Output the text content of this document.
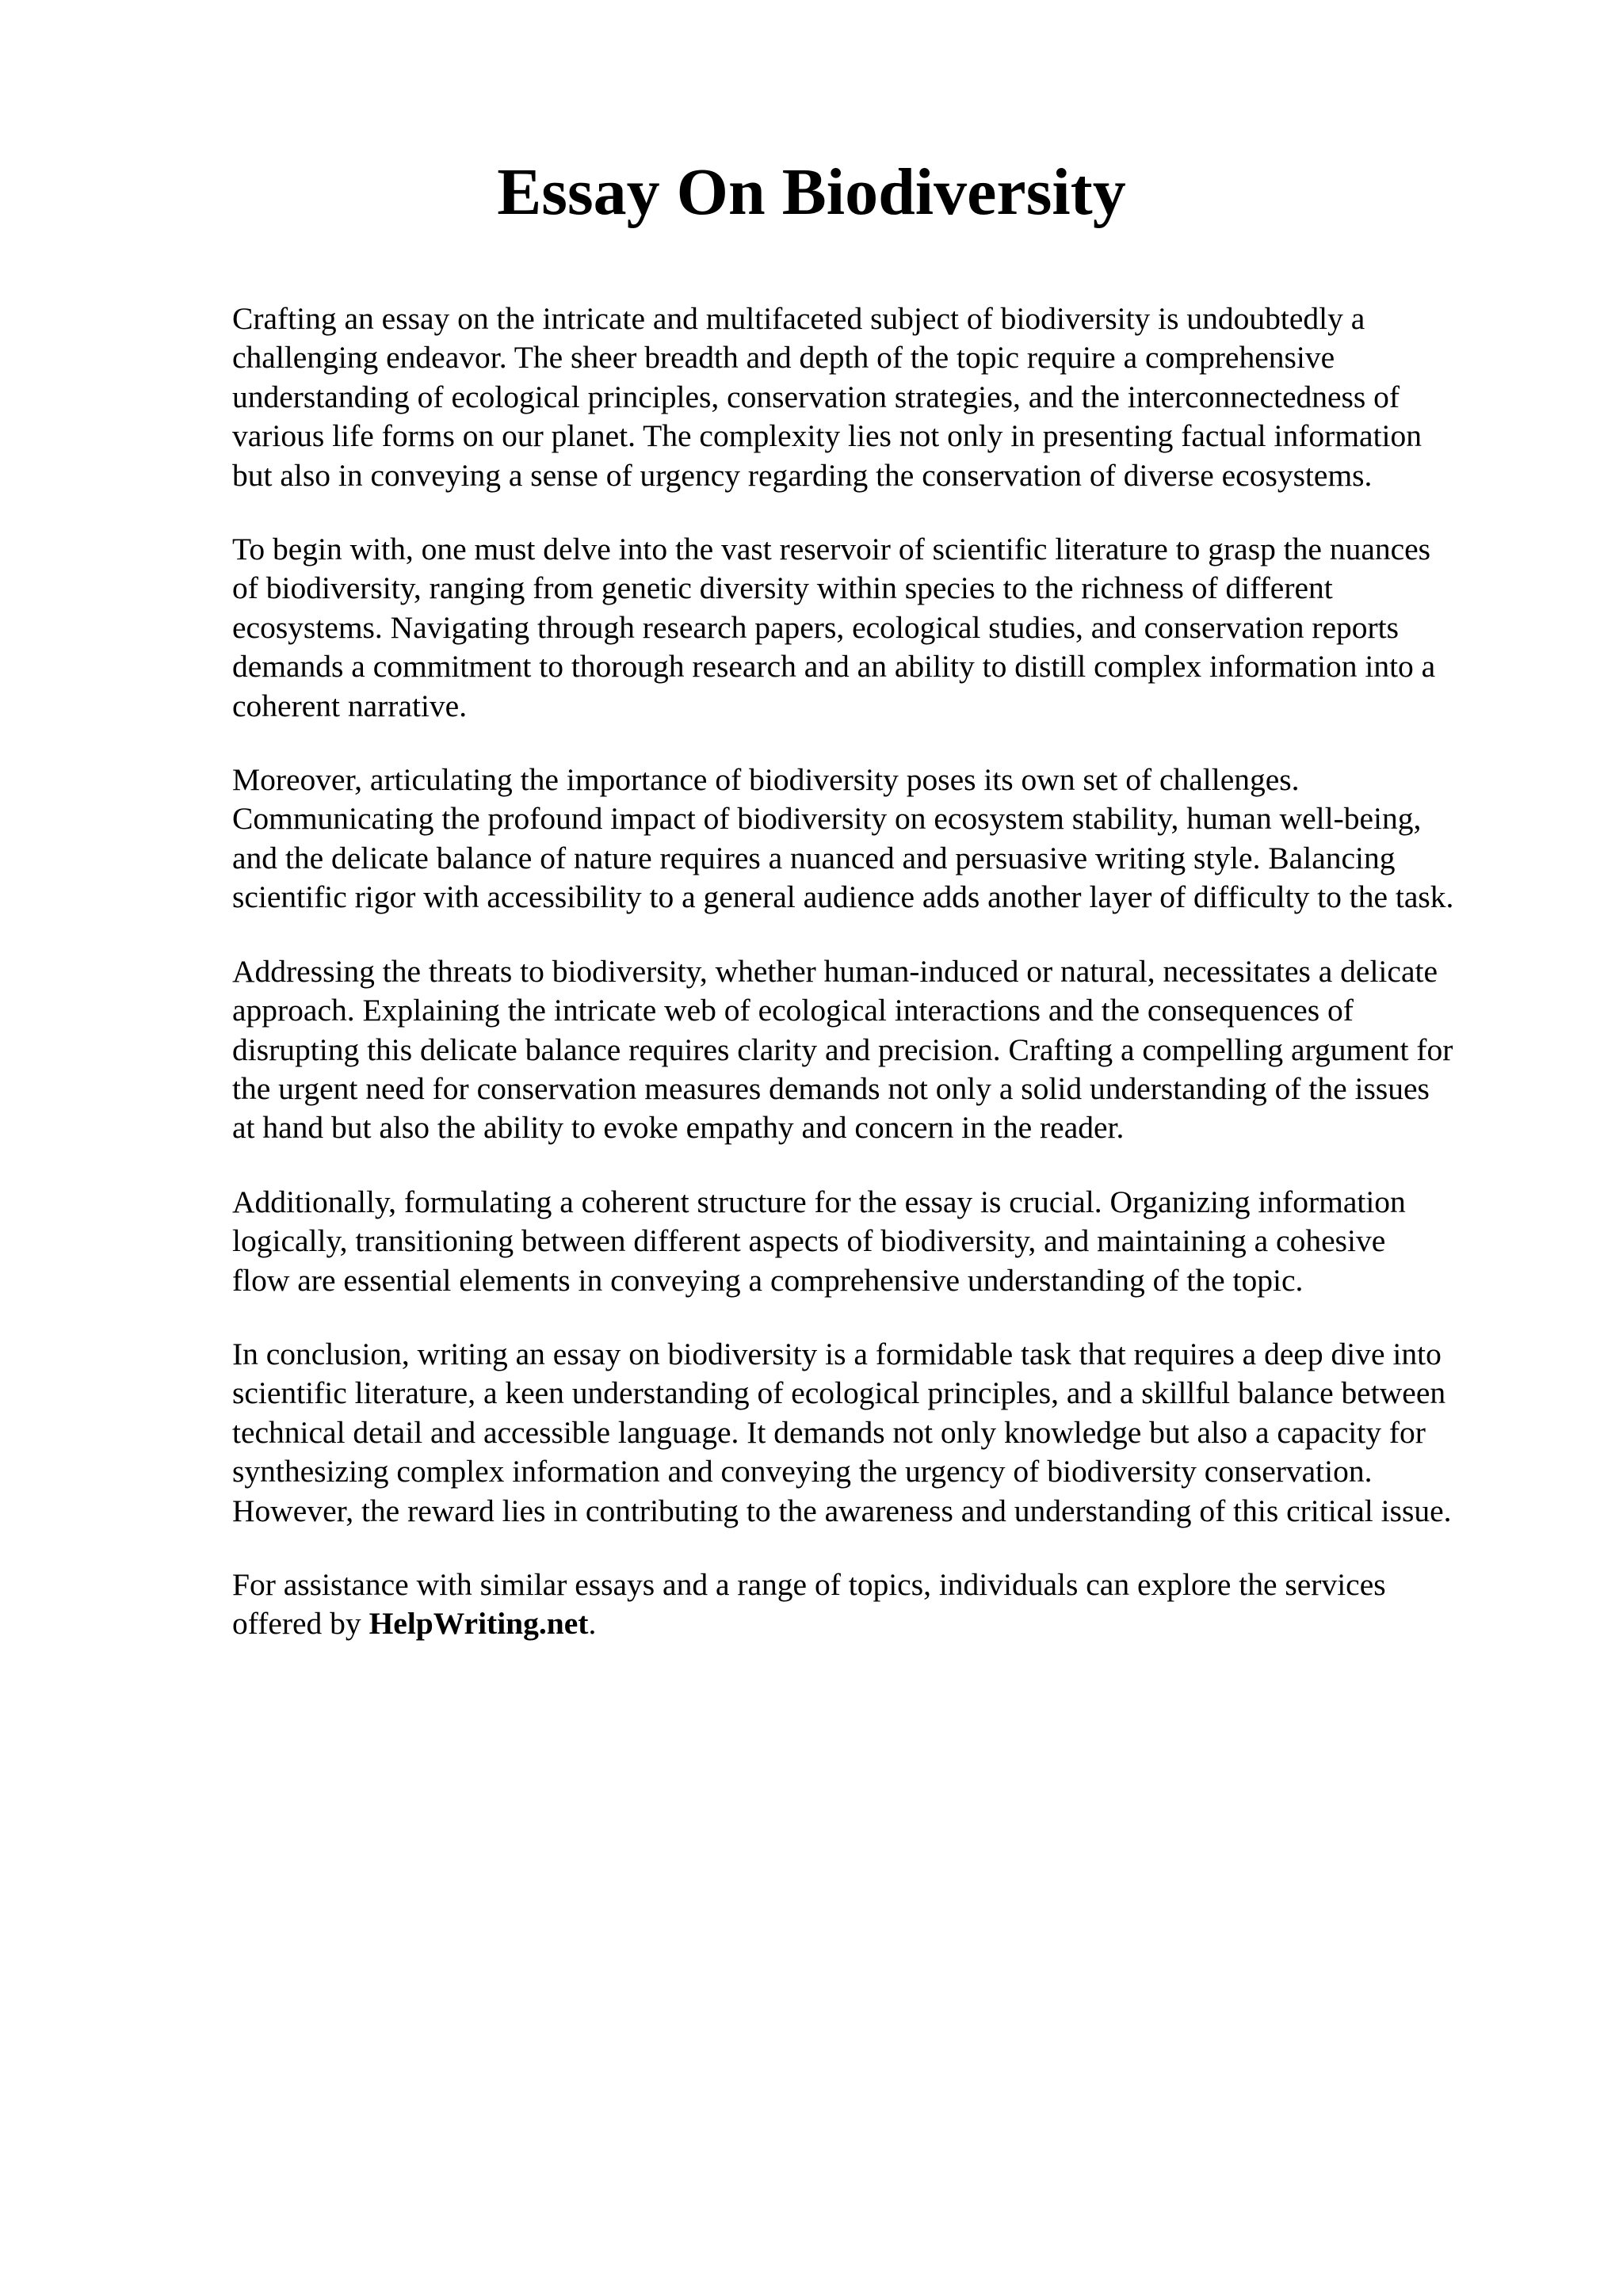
Essay On Biodiversity

Crafting an essay on the intricate and multifaceted subject of biodiversity is undoubtedly a
challenging endeavor. The sheer breadth and depth of the topic require a comprehensive
understanding of ecological principles, conservation strategies, and the interconnectedness of
various life forms on our planet. The complexity lies not only in presenting factual information
but also in conveying a sense of urgency regarding the conservation of diverse ecosystems.

To begin with, one must delve into the vast reservoir of scientific literature to grasp the nuances
of biodiversity, ranging from genetic diversity within species to the richness of different
ecosystems. Navigating through research papers, ecological studies, and conservation reports
demands a commitment to thorough research and an ability to distill complex information into a
coherent narrative.

Moreover, articulating the importance of biodiversity poses its own set of challenges.
Communicating the profound impact of biodiversity on ecosystem stability, human well-being,
and the delicate balance of nature requires a nuanced and persuasive writing style. Balancing
scientific rigor with accessibility to a general audience adds another layer of difficulty to the task.

Addressing the threats to biodiversity, whether human-induced or natural, necessitates a delicate
approach. Explaining the intricate web of ecological interactions and the consequences of
disrupting this delicate balance requires clarity and precision. Crafting a compelling argument for
the urgent need for conservation measures demands not only a solid understanding of the issues
at hand but also the ability to evoke empathy and concern in the reader.

Additionally, formulating a coherent structure for the essay is crucial. Organizing information
logically, transitioning between different aspects of biodiversity, and maintaining a cohesive
flow are essential elements in conveying a comprehensive understanding of the topic.

In conclusion, writing an essay on biodiversity is a formidable task that requires a deep dive into
scientific literature, a keen understanding of ecological principles, and a skillful balance between
technical detail and accessible language. It demands not only knowledge but also a capacity for
synthesizing complex information and conveying the urgency of biodiversity conservation.
However, the reward lies in contributing to the awareness and understanding of this critical issue.

For assistance with similar essays and a range of topics, individuals can explore the services
offered by HelpWriting.net.
